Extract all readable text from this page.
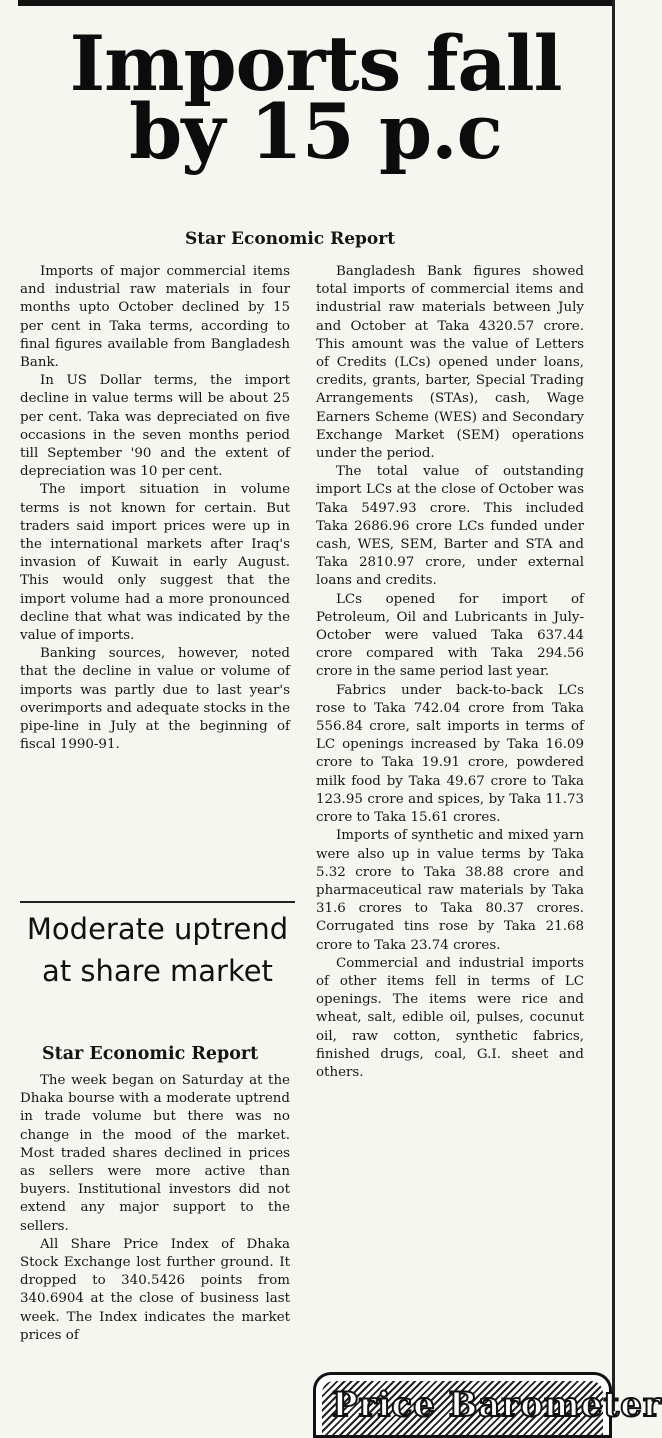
Imports fall by 15 p.c
Star Economic Report

Imports of major commercial items and industrial raw materials in four months upto October declined by 15 per cent in Taka terms, according to final figures available from Bangladesh Bank.

In US Dollar terms, the import decline in value terms will be about 25 per cent. Taka was depreciated on five occasions in the seven months period till September '90 and the extent of depreciation was 10 per cent.

The import situation in volume terms is not known for certain. But traders said import prices were up in the international markets after Iraq's invasion of Kuwait in early August. This would only suggest that the import volume had a more pronounced decline that what was indicated by the value of imports.

Banking sources, however, noted that the decline in value or volume of imports was partly due to last year's overimports and adequate stocks in the pipe-line in July at the beginning of fiscal 1990-91.

Bangladesh Bank figures showed total imports of commercial items and industrial raw materials between July and October at Taka 4320.57 crore. This amount was the value of Letters of Credits (LCs) opened under loans, credits, grants, barter, Special Trading Arrangements (STAs), cash, Wage Earners Scheme (WES) and Secondary Exchange Market (SEM) operations under the period.

The total value of outstanding import LCs at the close of October was Taka 5497.93 crore. This included Taka 2686.96 crore LCs funded under cash, WES, SEM, Barter and STA and Taka 2810.97 crore, under external loans and credits.

LCs opened for import of Petroleum, Oil and Lubricants in July-October were valued Taka 637.44 crore compared with Taka 294.56 crore in the same period last year.

Fabrics under back-to-back LCs rose to Taka 742.04 crore from Taka 556.84 crore, salt imports in terms of LC openings increased by Taka 16.09 crore to Taka 19.91 crore, powdered milk food by Taka 49.67 crore to Taka 123.95 crore and spices, by Taka 11.73 crore to Taka 15.61 crores.

Imports of synthetic and mixed yarn were also up in value terms by Taka 5.32 crore to Taka 38.88 crore and pharmaceutical raw materials by Taka 31.6 crores to Taka 80.37 crores. Corrugated tins rose by Taka 21.68 crore to Taka 23.74 crores.

Commercial and industrial imports of other items fell in terms of LC openings. The items were rice and wheat, salt, edible oil, pulses, cocunut oil, raw cotton, synthetic fabrics, finished drugs, coal, G.I. sheet and others.

Moderate uptrend at share market
Star Economic Report

The week began on Saturday at the Dhaka bourse with a moderate uptrend in trade volume but there was no change in the mood of the market. Most traded shares declined in prices as sellers were more active than buyers. Institutional investors did not extend any major support to the sellers.

All Share Price Index of Dhaka Stock Exchange lost further ground. It dropped to 340.5426 points from 340.6904 at the close of business last week. The Index indicates the market prices of

Price Barometer
